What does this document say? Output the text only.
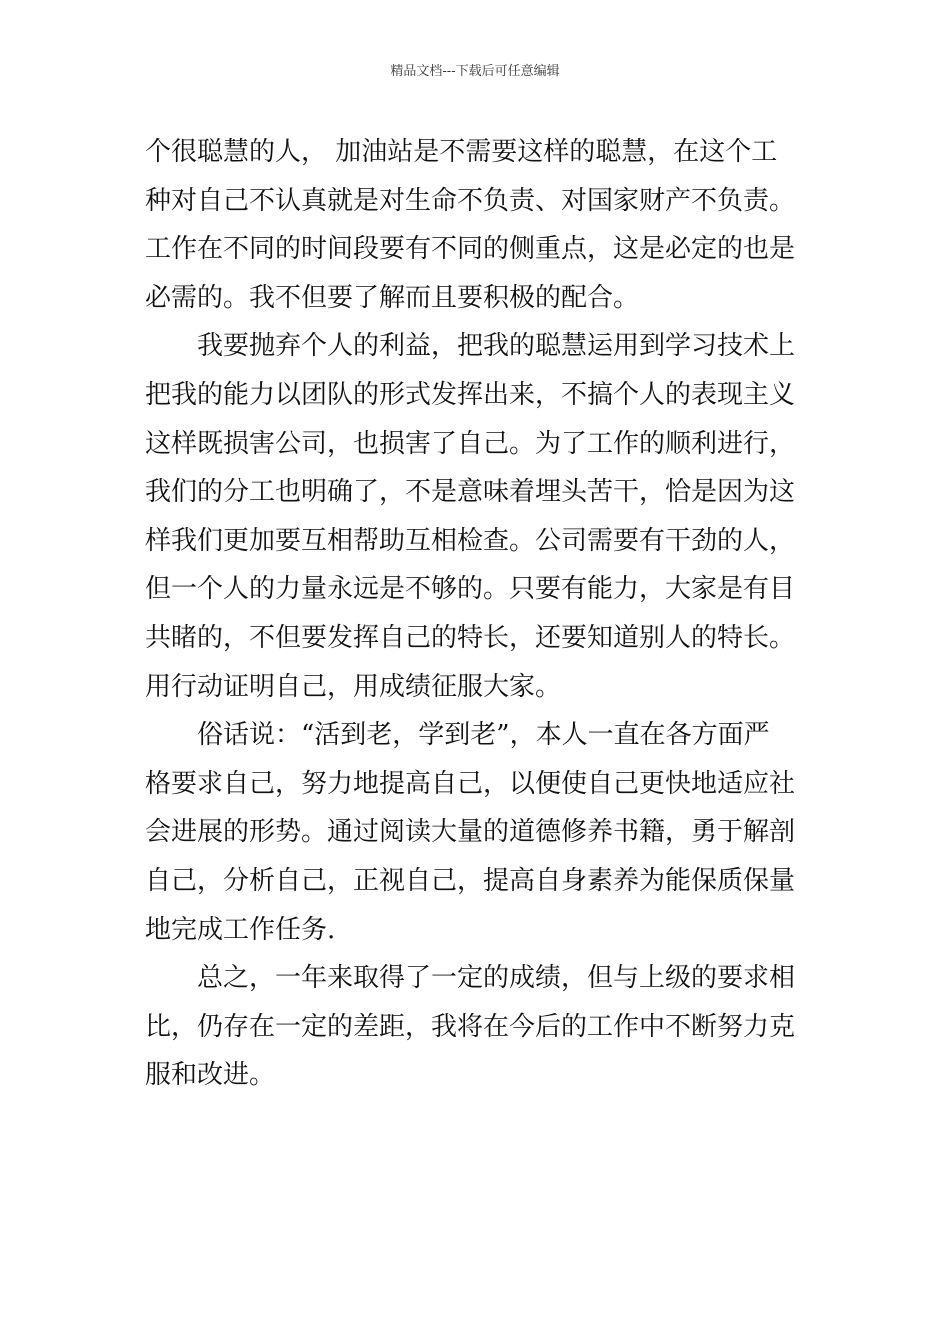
精品文档---下载后可任意编辑
个很聪慧的人， 加油站是不需要这样的聪慧，在这个工
种对自己不认真就是对生命不负责、对国家财产不负责。
工作在不同的时间段要有不同的侧重点，这是必定的也是
必需的。我不但要了解而且要积极的配合。
我要抛弃个人的利益，把我的聪慧运用到学习技术上
把我的能力以团队的形式发挥出来，不搞个人的表现主义
这样既损害公司，也损害了自己。为了工作的顺利进行，
我们的分工也明确了，不是意味着埋头苦干，恰是因为这
样我们更加要互相帮助互相检查。公司需要有干劲的人，
但一个人的力量永远是不够的。只要有能力，大家是有目
共睹的，不但要发挥自己的特长，还要知道别人的特长。
用行动证明自己，用成绩征服大家。
俗话说：“活到老，学到老”，本人一直在各方面严
格要求自己，努力地提高自己，以便使自己更快地适应社
会进展的形势。通过阅读大量的道德修养书籍，勇于解剖
自己，分析自己，正视自己，提高自身素养为能保质保量
地完成工作任务.
总之，一年来取得了一定的成绩，但与上级的要求相
比，仍存在一定的差距，我将在今后的工作中不断努力克
服和改进。
